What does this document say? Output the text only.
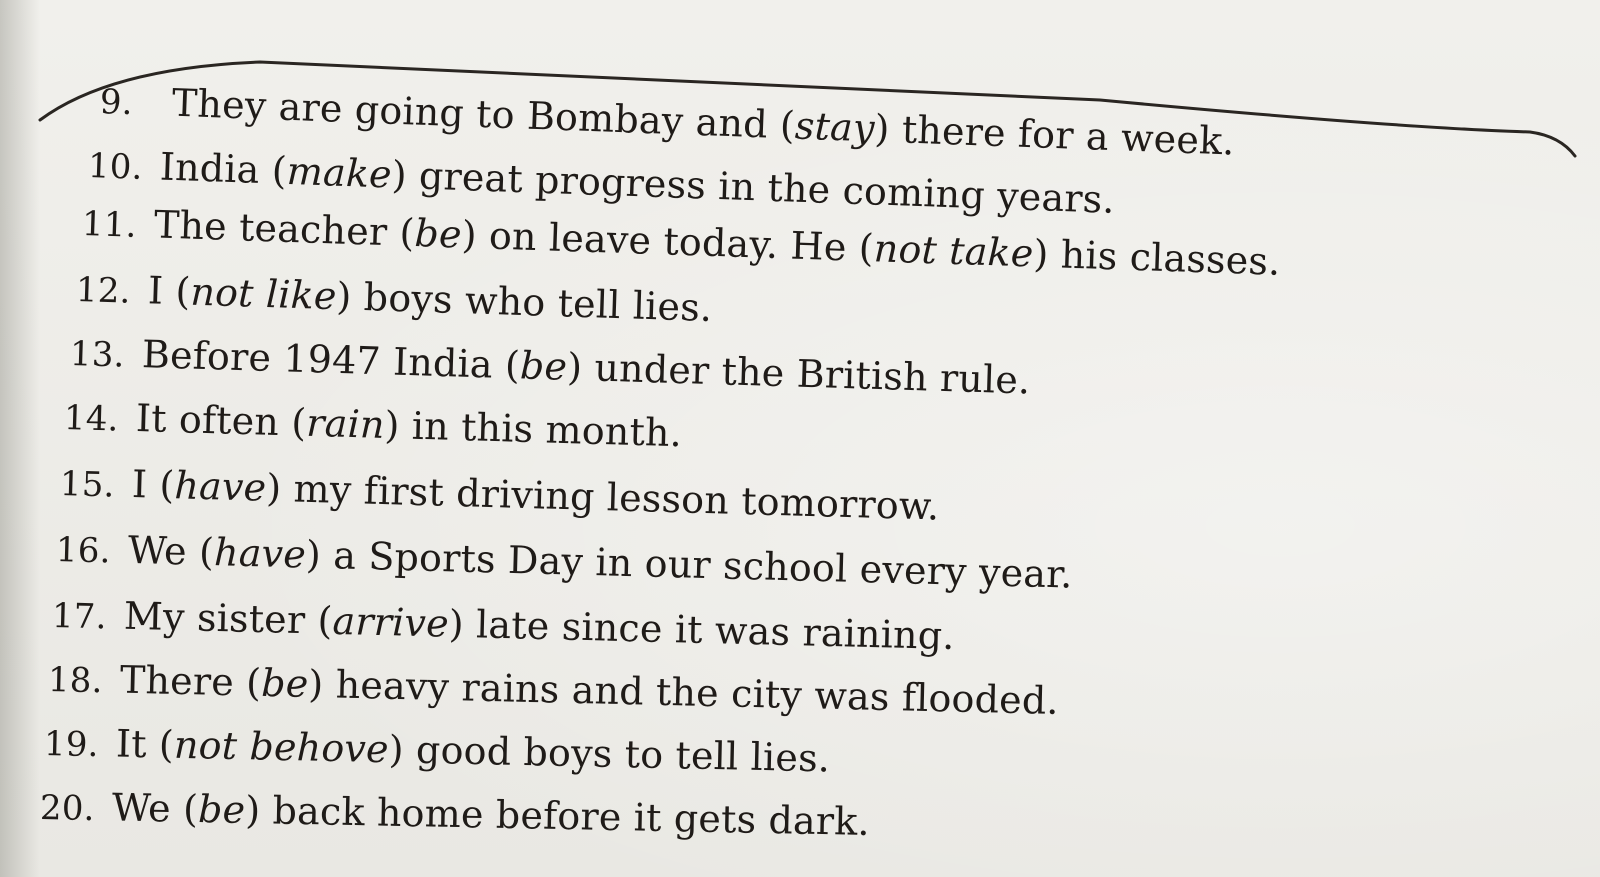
9. They are going to Bombay and (stay) there for a week.
10. India (make) great progress in the coming years.
11. The teacher (be) on leave today. He (not take) his classes.
12. I (not like) boys who tell lies.
13. Before 1947 India (be) under the British rule.
14. It often (rain) in this month.
15. I (have) my first driving lesson tomorrow.
16. We (have) a Sports Day in our school every year.
17. My sister (arrive) late since it was raining.
18. There (be) heavy rains and the city was flooded.
19. It (not behove) good boys to tell lies.
20. We (be) back home before it gets dark.
